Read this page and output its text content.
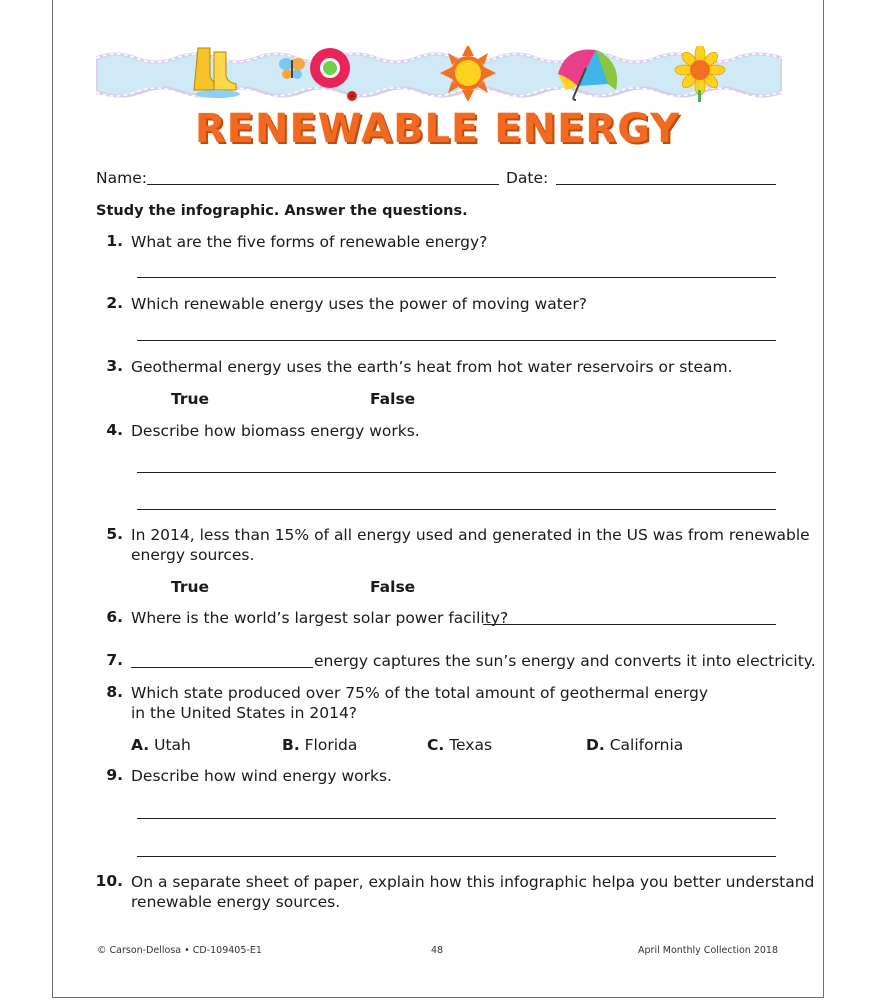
RENEWABLE ENERGY
Name:	Date:
Study the infographic. Answer the questions.
1. What are the five forms of renewable energy?
2. Which renewable energy uses the power of moving water?
3. Geothermal energy uses the earth’s heat from hot water reservoirs or steam.
True	False
4. Describe how biomass energy works.
5. In 2014, less than 15% of all energy used and generated in the US was from renewable
energy sources.
True	False
6. Where is the world’s largest solar power facility?
7.	energy captures the sun’s energy and converts it into electricity.
8. Which state produced over 75% of the total amount of geothermal energy
in the United States in 2014?
A. Utah	B. Florida	C. Texas	D. California
9. Describe how wind energy works.
10. On a separate sheet of paper, explain how this infographic helpa you better understand
renewable energy sources.
© Carson-Dellosa • CD-109405-E1	48	April Monthly Collection 2018
